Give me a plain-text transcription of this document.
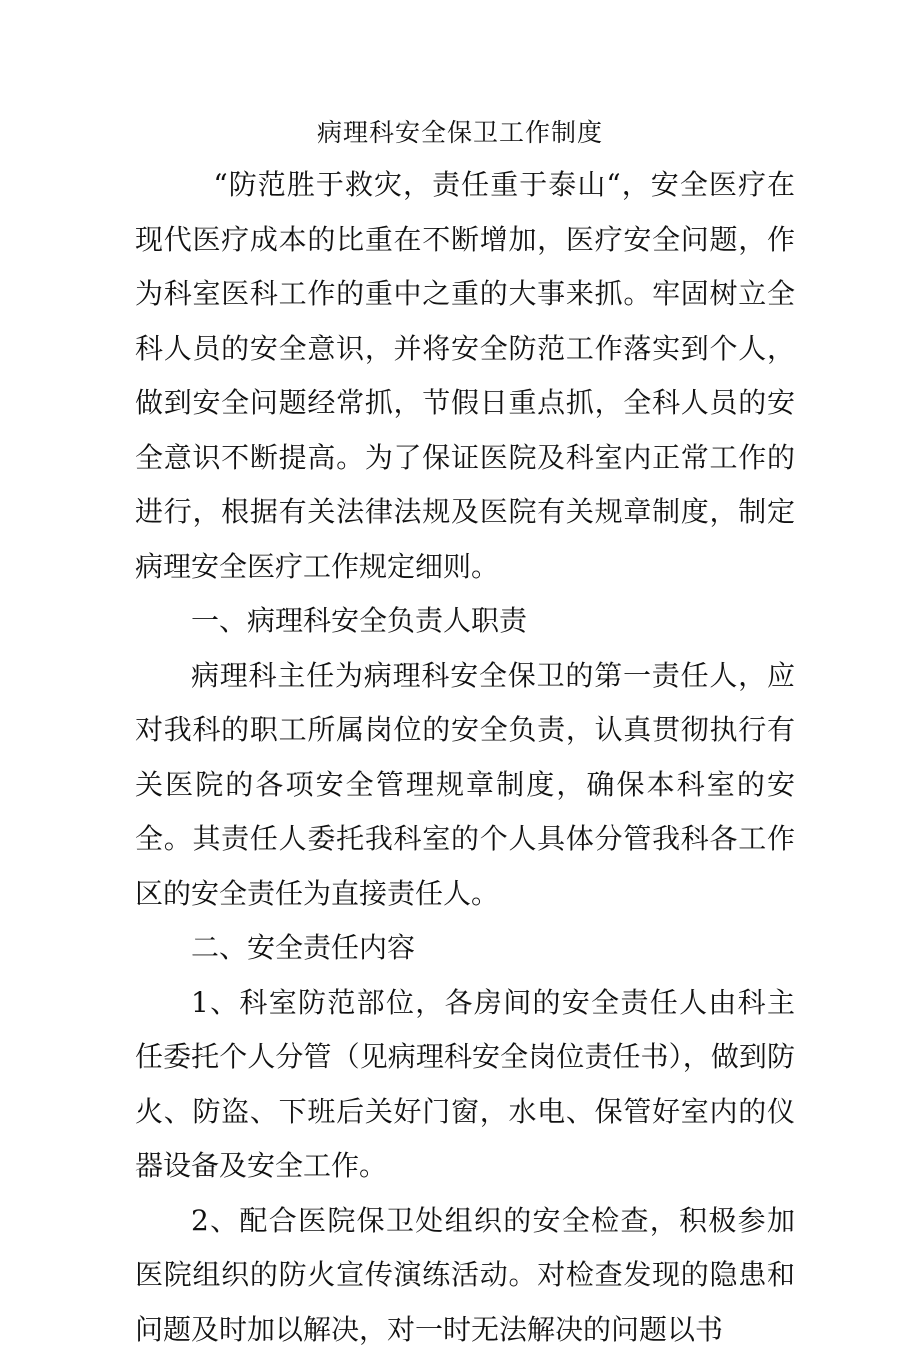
病理科安全保卫工作制度

“防范胜于救灾，责任重于泰山“，安全医疗在现代医疗成本的比重在不断增加，医疗安全问题，作为科室医科工作的重中之重的大事来抓。牢固树立全科人员的安全意识，并将安全防范工作落实到个人，做到安全问题经常抓，节假日重点抓，全科人员的安全意识不断提高。为了保证医院及科室内正常工作的进行，根据有关法律法规及医院有关规章制度，制定病理安全医疗工作规定细则。

一、病理科安全负责人职责

病理科主任为病理科安全保卫的第一责任人，应对我科的职工所属岗位的安全负责，认真贯彻执行有关医院的各项安全管理规章制度，确保本科室的安全。其责任人委托我科室的个人具体分管我科各工作区的安全责任为直接责任人。

二、安全责任内容

1、科室防范部位，各房间的安全责任人由科主任委托个人分管（见病理科安全岗位责任书），做到防火、防盗、下班后关好门窗，水电、保管好室内的仪器设备及安全工作。

2、配合医院保卫处组织的安全检查，积极参加医院组织的防火宣传演练活动。对检查发现的隐患和问题及时加以解决，对一时无法解决的问题以书
